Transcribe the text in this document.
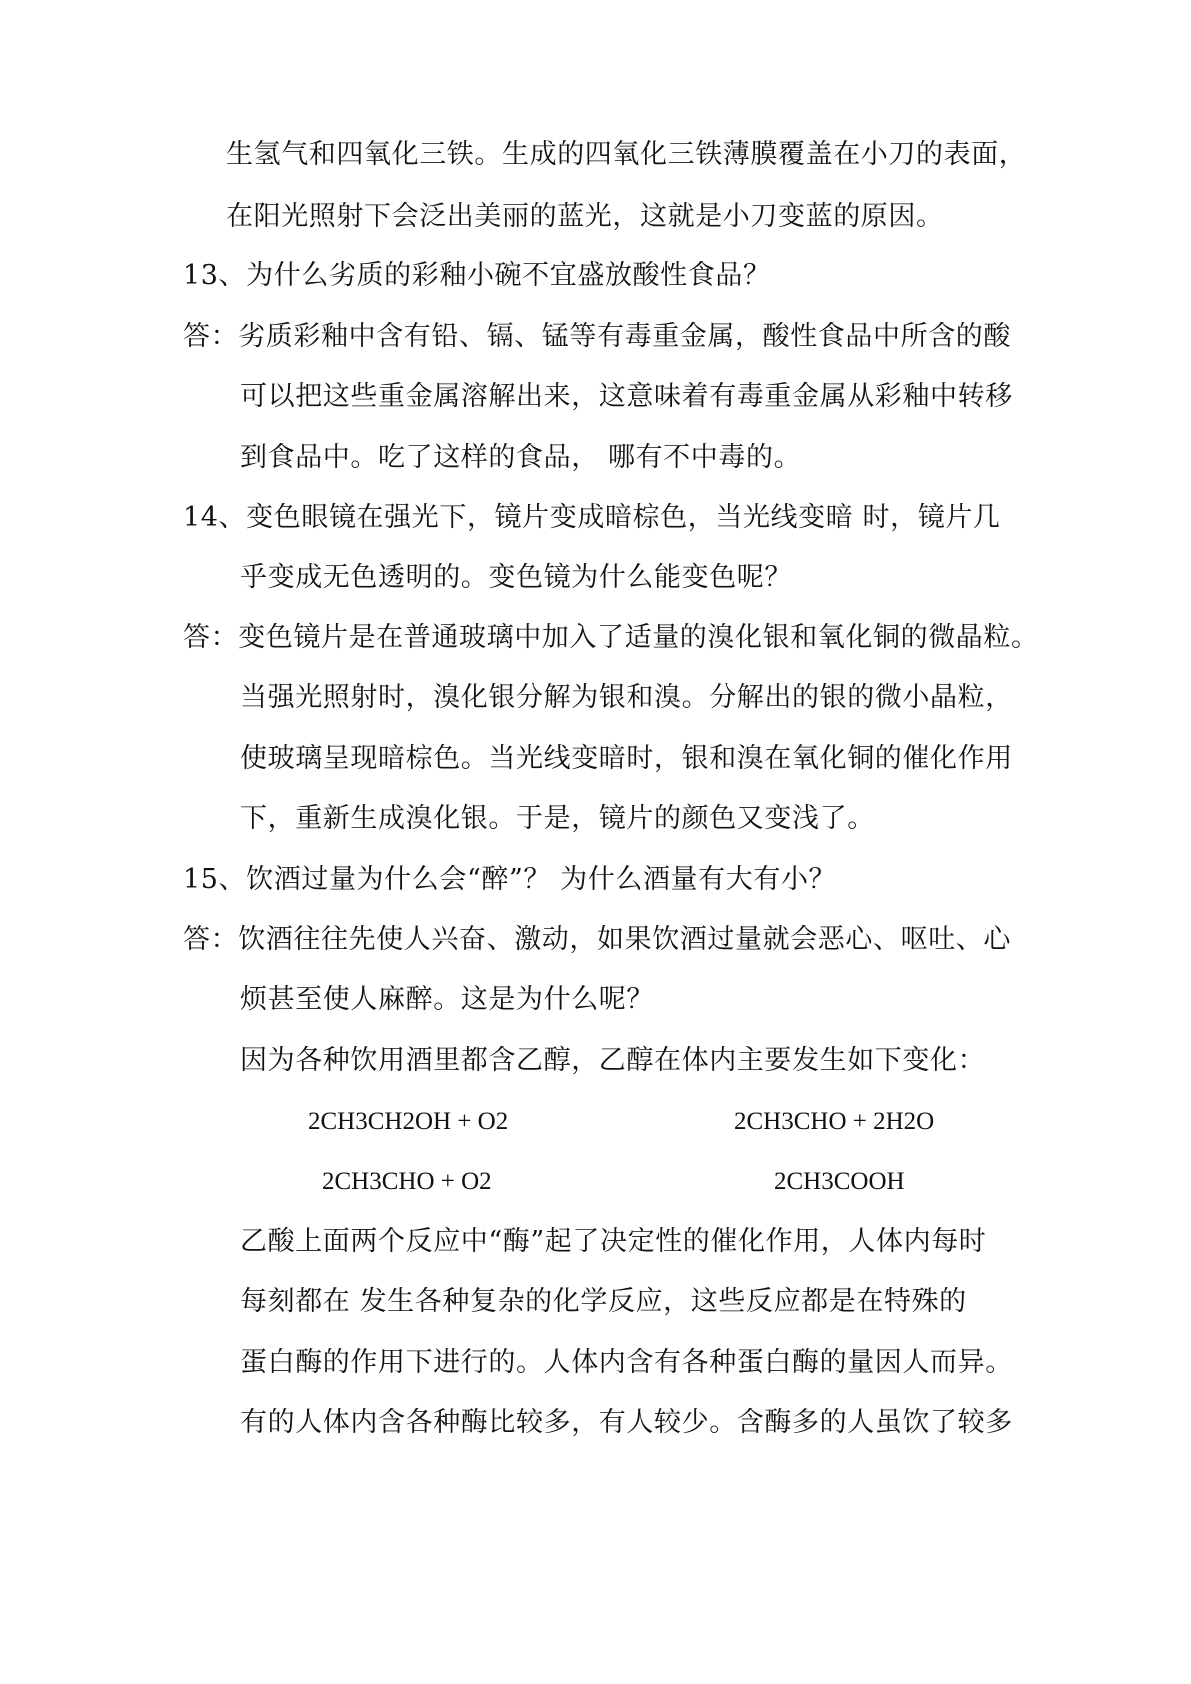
生氢气和四氧化三铁。生成的四氧化三铁薄膜覆盖在小刀的表面，
在阳光照射下会泛出美丽的蓝光，这就是小刀变蓝的原因。
13、为什么劣质的彩釉小碗不宜盛放酸性食品？
答：劣质彩釉中含有铅、镉、锰等有毒重金属，酸性食品中所含的酸
可以把这些重金属溶解出来，这意味着有毒重金属从彩釉中转移
到食品中。吃了这样的食品， 哪有不中毒的。
14、变色眼镜在强光下，镜片变成暗棕色，当光线变暗 时，镜片几
乎变成无色透明的。变色镜为什么能变色呢？
答：变色镜片是在普通玻璃中加入了适量的溴化银和氧化铜的微晶粒。
当强光照射时，溴化银分解为银和溴。分解出的银的微小晶粒，
使玻璃呈现暗棕色。当光线变暗时，银和溴在氧化铜的催化作用
下，重新生成溴化银。于是，镜片的颜色又变浅了。
15、饮酒过量为什么会“醉”？ 为什么酒量有大有小？
答：饮酒往往先使人兴奋、激动，如果饮酒过量就会恶心、呕吐、心
烦甚至使人麻醉。这是为什么呢？
因为各种饮用酒里都含乙醇，乙醇在体内主要发生如下变化：
2CH3CH2OH + O2	2CH3CHO + 2H2O
2CH3CHO + O2	2CH3COOH
乙酸上面两个反应中“酶”起了决定性的催化作用，人体内每时
每刻都在 发生各种复杂的化学反应，这些反应都是在特殊的
蛋白酶的作用下进行的。人体内含有各种蛋白酶的量因人而异。
有的人体内含各种酶比较多，有人较少。含酶多的人虽饮了较多
